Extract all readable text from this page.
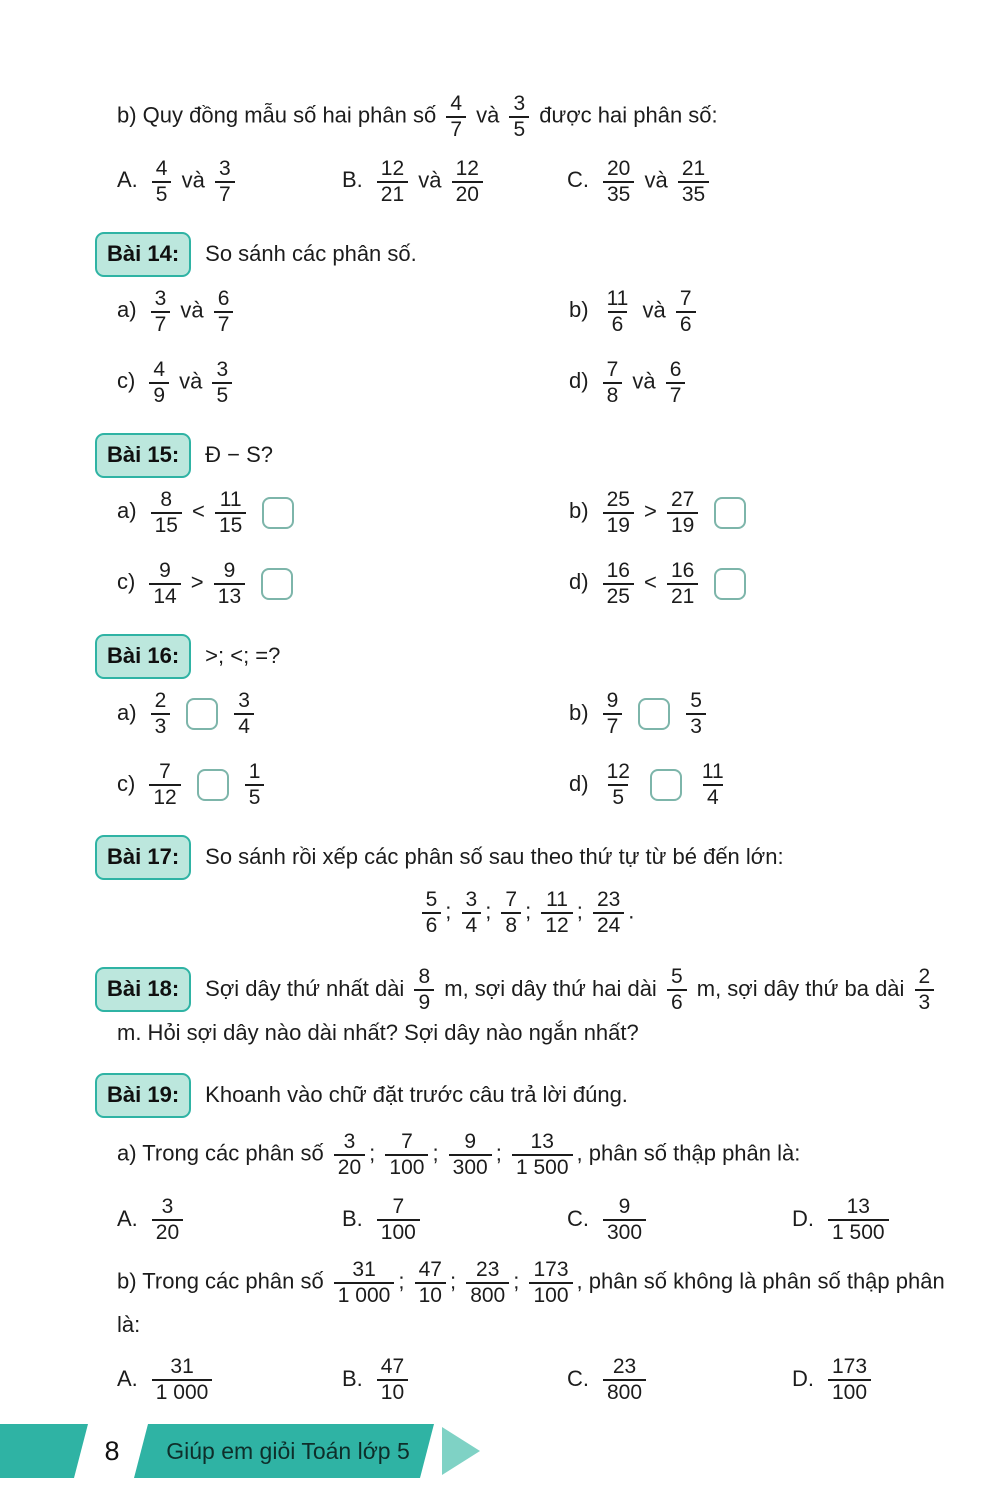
b) Quy đồng mẫu số hai phân số $\frac{4}{7}$ và $\frac{3}{5}$ được hai phân số:
A. $\frac{4}{5}$ và $\frac{3}{7}$	B. $\frac{12}{21}$ và $\frac{12}{20}$	C. $\frac{20}{35}$ và $\frac{21}{35}$
Bài 14: So sánh các phân số.
$a) \frac{3}{7}$ và $\frac{6}{7}$	$b) \frac{11}{6}$ và $\frac{7}{6}$
$c) \frac{4}{9}$ và $\frac{3}{5}$	$d) \frac{7}{8}$ và $\frac{6}{7}$
Bài 15: Đ − S?
$a) \frac{8}{15} < \frac{11}{15}$	$b) \frac{25}{19} > \frac{27}{19}$
$c) \frac{9}{14} > \frac{9}{13}$	$d) \frac{16}{25} < \frac{16}{21}$
Bài 16: >; <; =?
$a) \frac{2}{3}$	$\frac{3}{4}$	$b) \frac{9}{7}$	$\frac{5}{3}$
$c) \frac{7}{12}$	$\frac{1}{5}$	$d) \frac{12}{5}$	$\frac{11}{4}$
Bài 17: So sánh rồi xếp các phân số sau theo thứ tự từ bé đến lớn:
$\frac{5}{6}$ ; $\frac{3}{4}$ ; $\frac{7}{8}$ ; $\frac{11}{12}$ ; $\frac{23}{24}$ .
Bài 18: Sợi dây thứ nhất dài $\frac{8}{9} m$, sợi dây thứ hai dài $\frac{5}{6} m$, sợi dây thứ ba dài $\frac{2}{3}$
m. Hỏi sợi dây nào dài nhất? Sợi dây nào ngắn nhất?
Bài 19: Khoanh vào chữ đặt trước câu trả lời đúng.
a) Trong các phân số $\frac{3}{20}$ ; $\frac{7}{100}$ ; $\frac{9}{300}$ ; $\frac{13}{1 500}$ , phân số thập phân là:
A. $\frac{3}{20}$	B. $\frac{7}{100}$	C. $\frac{9}{300}$	D. $\frac{13}{1 500}$
b) Trong các phân số $\frac{31}{1 000}$ ; $\frac{47}{10}$ ; $\frac{23}{800}$ ; $\frac{173}{100}$ , phân số không là phân số thập phân là:
A. $\frac{31}{1 000}$	B. $\frac{47}{10}$	C. $\frac{23}{800}$	D. $\frac{173}{100}$
8	Giúp em giỏi Toán lớp 5
